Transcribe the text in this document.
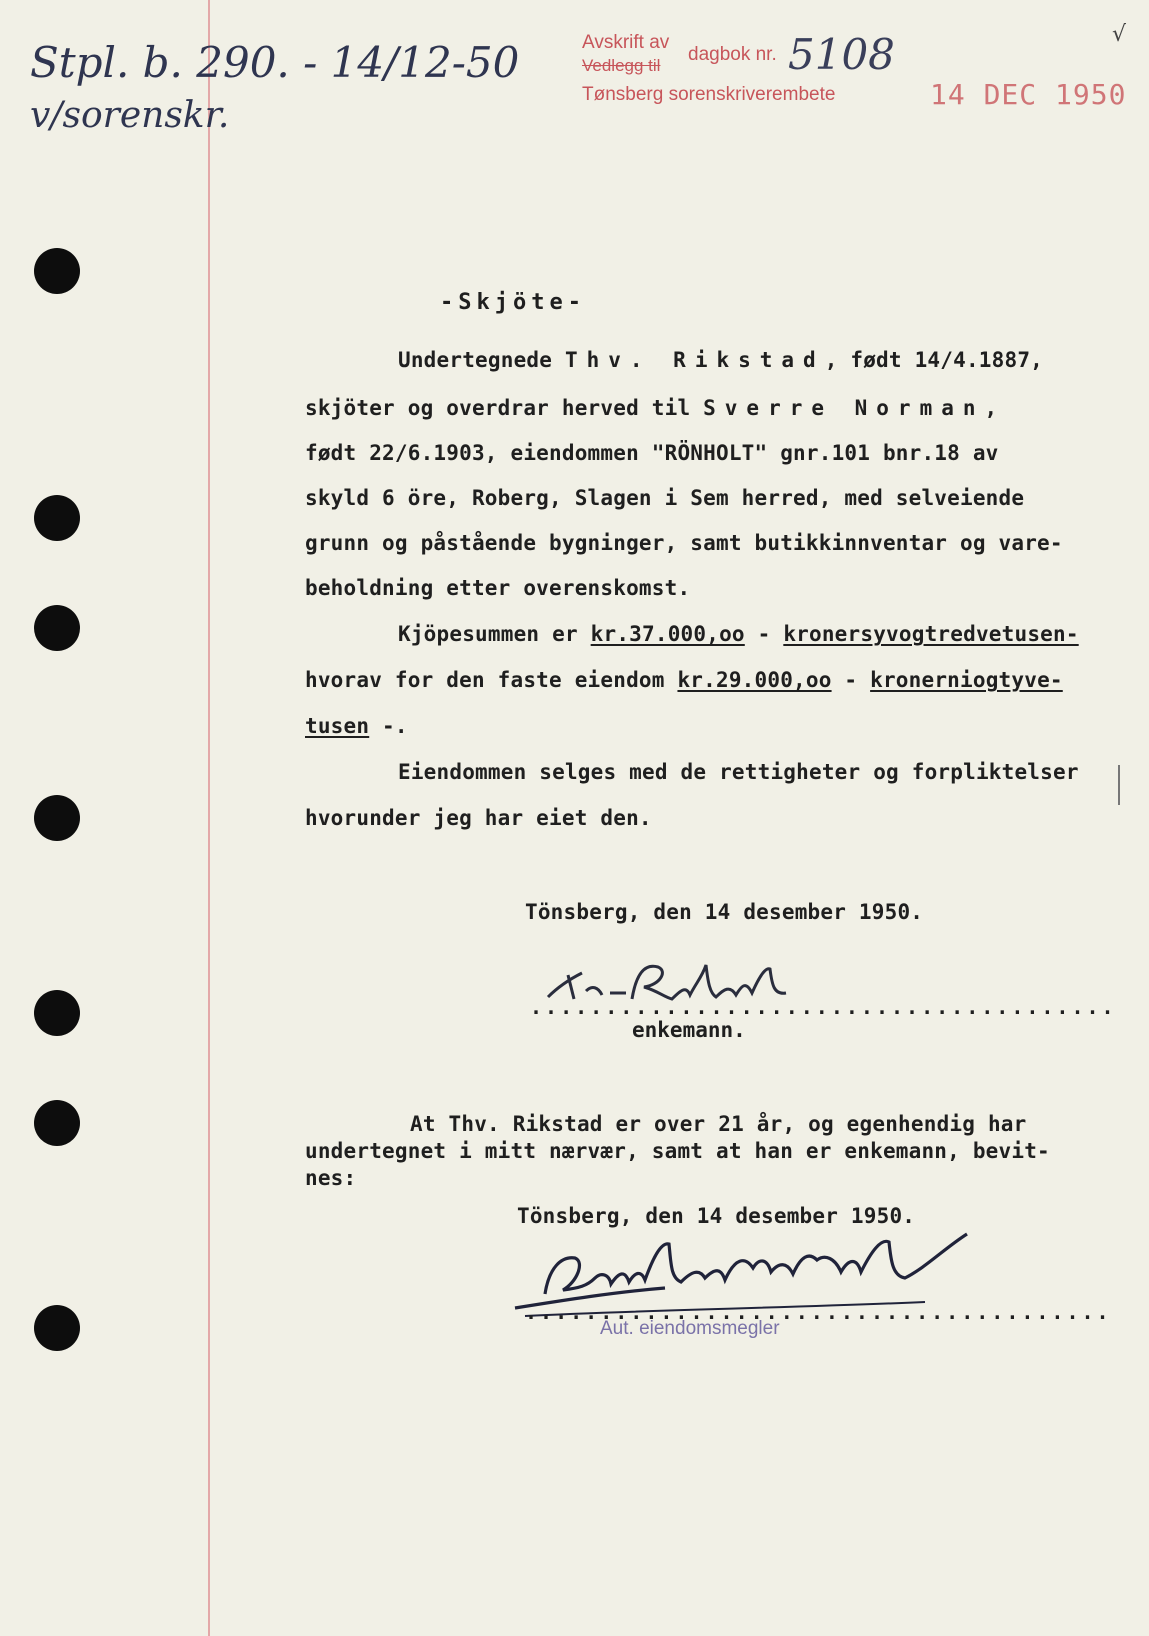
Stpl. b. 290. - 14/12-50
v/sorenskr.
Avskrift av
Vedlegg til
dagbok nr. 5108
Tønsberg sorenskriverembete	14 DEC 1950
√
-Skjöte-
Undertegnede Thv. Rikstad, født 14/4.1887,
skjöter og overdrar herved til Sverre Norman,
født 22/6.1903, eiendommen "RÖNHOLT" gnr.101 bnr.18 av
skyld 6 öre, Roberg, Slagen i Sem herred, med selveiende
grunn og påstående bygninger, samt butikkinnventar og vare-
beholdning etter overenskomst.
Kjöpesummen er kr.37.000,oo - kronersyvogtredvetusen-
hvorav for den faste eiendom kr.29.000,oo - kronerniogtyve-
tusen -.
Eiendommen selges med de rettigheter og forpliktelser
hvorunder jeg har eiet den.
Tönsberg, den 14 desember 1950.
.......................................
enkemann.
At Thv. Rikstad er over 21 år, og egenhendig har
undertegnet i mitt nærvær, samt at han er enkemann, bevit-
nes:
Tönsberg, den 14 desember 1950.
.......................................
Aut. eiendomsmegler
